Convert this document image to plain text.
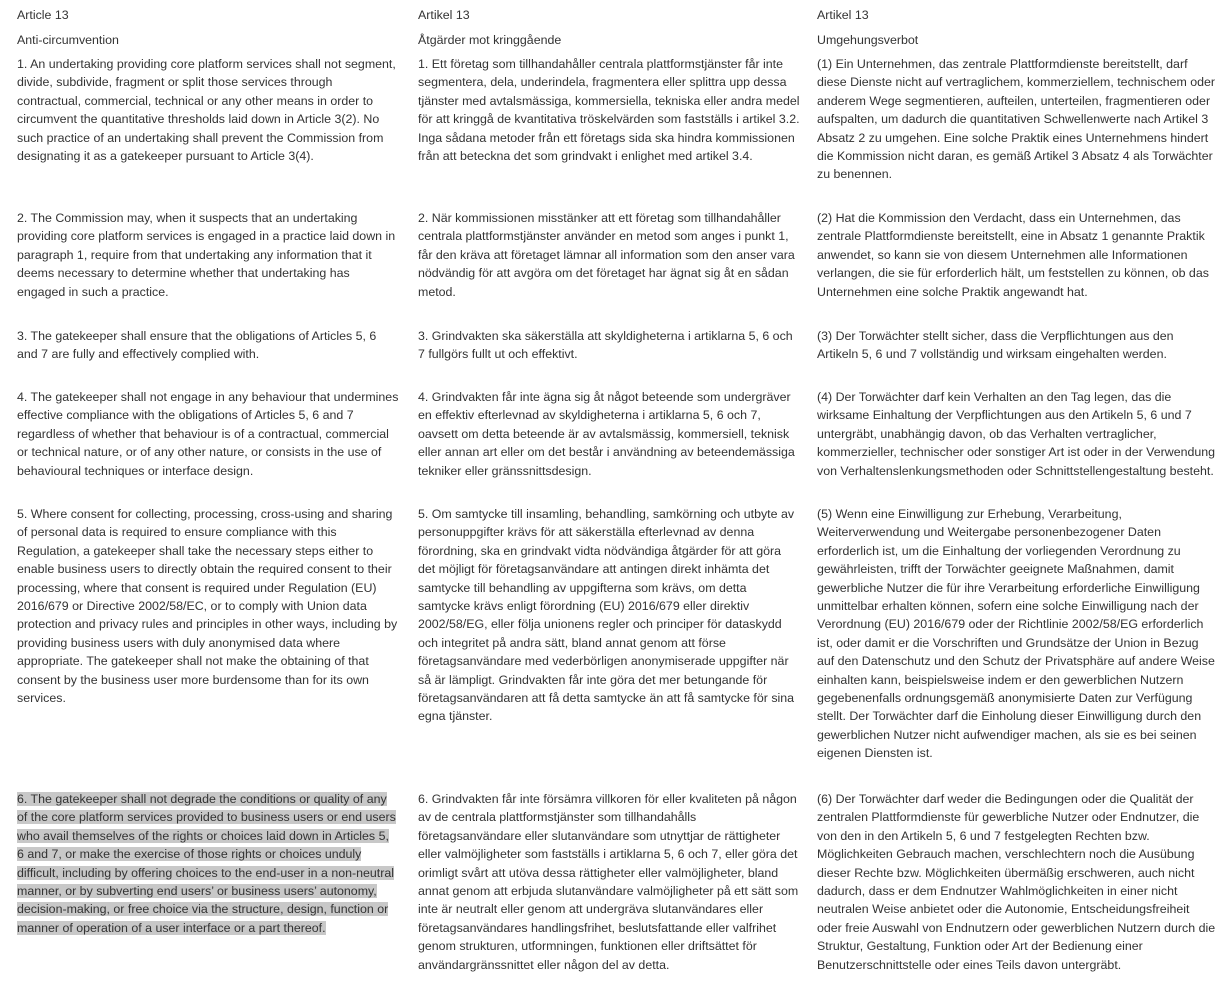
Article 13
Anti-circumvention
1. An undertaking providing core platform services shall not segment, divide, subdivide, fragment or split those services through contractual, commercial, technical or any other means in order to circumvent the quantitative thresholds laid down in Article 3(2). No such practice of an undertaking shall prevent the Commission from designating it as a gatekeeper pursuant to Article 3(4).
2. The Commission may, when it suspects that an undertaking providing core platform services is engaged in a practice laid down in paragraph 1, require from that undertaking any information that it deems necessary to determine whether that undertaking has engaged in such a practice.
3. The gatekeeper shall ensure that the obligations of Articles 5, 6 and 7 are fully and effectively complied with.
4. The gatekeeper shall not engage in any behaviour that undermines effective compliance with the obligations of Articles 5, 6 and 7 regardless of whether that behaviour is of a contractual, commercial or technical nature, or of any other nature, or consists in the use of behavioural techniques or interface design.
5. Where consent for collecting, processing, cross-using and sharing of personal data is required to ensure compliance with this Regulation, a gatekeeper shall take the necessary steps either to enable business users to directly obtain the required consent to their processing, where that consent is required under Regulation (EU) 2016/679 or Directive 2002/58/EC, or to comply with Union data protection and privacy rules and principles in other ways, including by providing business users with duly anonymised data where appropriate. The gatekeeper shall not make the obtaining of that consent by the business user more burdensome than for its own services.
6. The gatekeeper shall not degrade the conditions or quality of any of the core platform services provided to business users or end users who avail themselves of the rights or choices laid down in Articles 5, 6 and 7, or make the exercise of those rights or choices unduly difficult, including by offering choices to the end-user in a non-neutral manner, or by subverting end users’ or business users’ autonomy, decision-making, or free choice via the structure, design, function or manner of operation of a user interface or a part thereof.
Artikel 13
Åtgärder mot kringgående
1. Ett företag som tillhandahåller centrala plattformstjänster får inte segmentera, dela, underindela, fragmentera eller splittra upp dessa tjänster med avtalsmässiga, kommersiella, tekniska eller andra medel för att kringgå de kvantitativa tröskelvärden som fastställs i artikel 3.2. Inga sådana metoder från ett företags sida ska hindra kommissionen från att beteckna det som grindvakt i enlighet med artikel 3.4.
2. När kommissionen misstänker att ett företag som tillhandahåller centrala plattformstjänster använder en metod som anges i punkt 1, får den kräva att företaget lämnar all information som den anser vara nödvändig för att avgöra om det företaget har ägnat sig åt en sådan metod.
3. Grindvakten ska säkerställa att skyldigheterna i artiklarna 5, 6 och 7 fullgörs fullt ut och effektivt.
4. Grindvakten får inte ägna sig åt något beteende som undergräver en effektiv efterlevnad av skyldigheterna i artiklarna 5, 6 och 7, oavsett om detta beteende är av avtalsmässig, kommersiell, teknisk eller annan art eller om det består i användning av beteendemässiga tekniker eller gränssnittsdesign.
5. Om samtycke till insamling, behandling, samkörning och utbyte av personuppgifter krävs för att säkerställa efterlevnad av denna förordning, ska en grindvakt vidta nödvändiga åtgärder för att göra det möjligt för företagsanvändare att antingen direkt inhämta det samtycke till behandling av uppgifterna som krävs, om detta samtycke krävs enligt förordning (EU) 2016/679 eller direktiv 2002/58/EG, eller följa unionens regler och principer för dataskydd och integritet på andra sätt, bland annat genom att förse företagsanvändare med vederbörligen anonymiserade uppgifter när så är lämpligt. Grindvakten får inte göra det mer betungande för företagsanvändaren att få detta samtycke än att få samtycke för sina egna tjänster.
6. Grindvakten får inte försämra villkoren för eller kvaliteten på någon av de centrala plattformstjänster som tillhandahålls företagsanvändare eller slutanvändare som utnyttjar de rättigheter eller valmöjligheter som fastställs i artiklarna 5, 6 och 7, eller göra det orimligt svårt att utöva dessa rättigheter eller valmöjligheter, bland annat genom att erbjuda slutanvändare valmöjligheter på ett sätt som inte är neutralt eller genom att undergräva slutanvändares eller företagsanvändares handlingsfrihet, beslutsfattande eller valfrihet genom strukturen, utformningen, funktionen eller driftsättet för användargränssnittet eller någon del av detta.
Artikel 13
Umgehungsverbot
(1) Ein Unternehmen, das zentrale Plattformdienste bereitstellt, darf diese Dienste nicht auf vertraglichem, kommerziellem, technischem oder anderem Wege segmentieren, aufteilen, unterteilen, fragmentieren oder aufspalten, um dadurch die quantitativen Schwellenwerte nach Artikel 3 Absatz 2 zu umgehen. Eine solche Praktik eines Unternehmens hindert die Kommission nicht daran, es gemäß Artikel 3 Absatz 4 als Torwächter zu benennen.
(2) Hat die Kommission den Verdacht, dass ein Unternehmen, das zentrale Plattformdienste bereitstellt, eine in Absatz 1 genannte Praktik anwendet, so kann sie von diesem Unternehmen alle Informationen verlangen, die sie für erforderlich hält, um feststellen zu können, ob das Unternehmen eine solche Praktik angewandt hat.
(3) Der Torwächter stellt sicher, dass die Verpflichtungen aus den Artikeln 5, 6 und 7 vollständig und wirksam eingehalten werden.
(4) Der Torwächter darf kein Verhalten an den Tag legen, das die wirksame Einhaltung der Verpflichtungen aus den Artikeln 5, 6 und 7 untergräbt, unabhängig davon, ob das Verhalten vertraglicher, kommerzieller, technischer oder sonstiger Art ist oder in der Verwendung von Verhaltenslenkungsmethoden oder Schnittstellengestaltung besteht.
(5) Wenn eine Einwilligung zur Erhebung, Verarbeitung, Weiterverwendung und Weitergabe personenbezogener Daten erforderlich ist, um die Einhaltung der vorliegenden Verordnung zu gewährleisten, trifft der Torwächter geeignete Maßnahmen, damit gewerbliche Nutzer die für ihre Verarbeitung erforderliche Einwilligung unmittelbar erhalten können, sofern eine solche Einwilligung nach der Verordnung (EU) 2016/679 oder der Richtlinie 2002/58/EG erforderlich ist, oder damit er die Vorschriften und Grundsätze der Union in Bezug auf den Datenschutz und den Schutz der Privatsphäre auf andere Weise einhalten kann, beispielsweise indem er den gewerblichen Nutzern gegebenenfalls ordnungsgemäß anonymisierte Daten zur Verfügung stellt. Der Torwächter darf die Einholung dieser Einwilligung durch den gewerblichen Nutzer nicht aufwendiger machen, als sie es bei seinen eigenen Diensten ist.
(6) Der Torwächter darf weder die Bedingungen oder die Qualität der zentralen Plattformdienste für gewerbliche Nutzer oder Endnutzer, die von den in den Artikeln 5, 6 und 7 festgelegten Rechten bzw. Möglichkeiten Gebrauch machen, verschlechtern noch die Ausübung dieser Rechte bzw. Möglichkeiten übermäßig erschweren, auch nicht dadurch, dass er dem Endnutzer Wahlmöglichkeiten in einer nicht neutralen Weise anbietet oder die Autonomie, Entscheidungsfreiheit oder freie Auswahl von Endnutzern oder gewerblichen Nutzern durch die Struktur, Gestaltung, Funktion oder Art der Bedienung einer Benutzerschnittstelle oder eines Teils davon untergräbt.
